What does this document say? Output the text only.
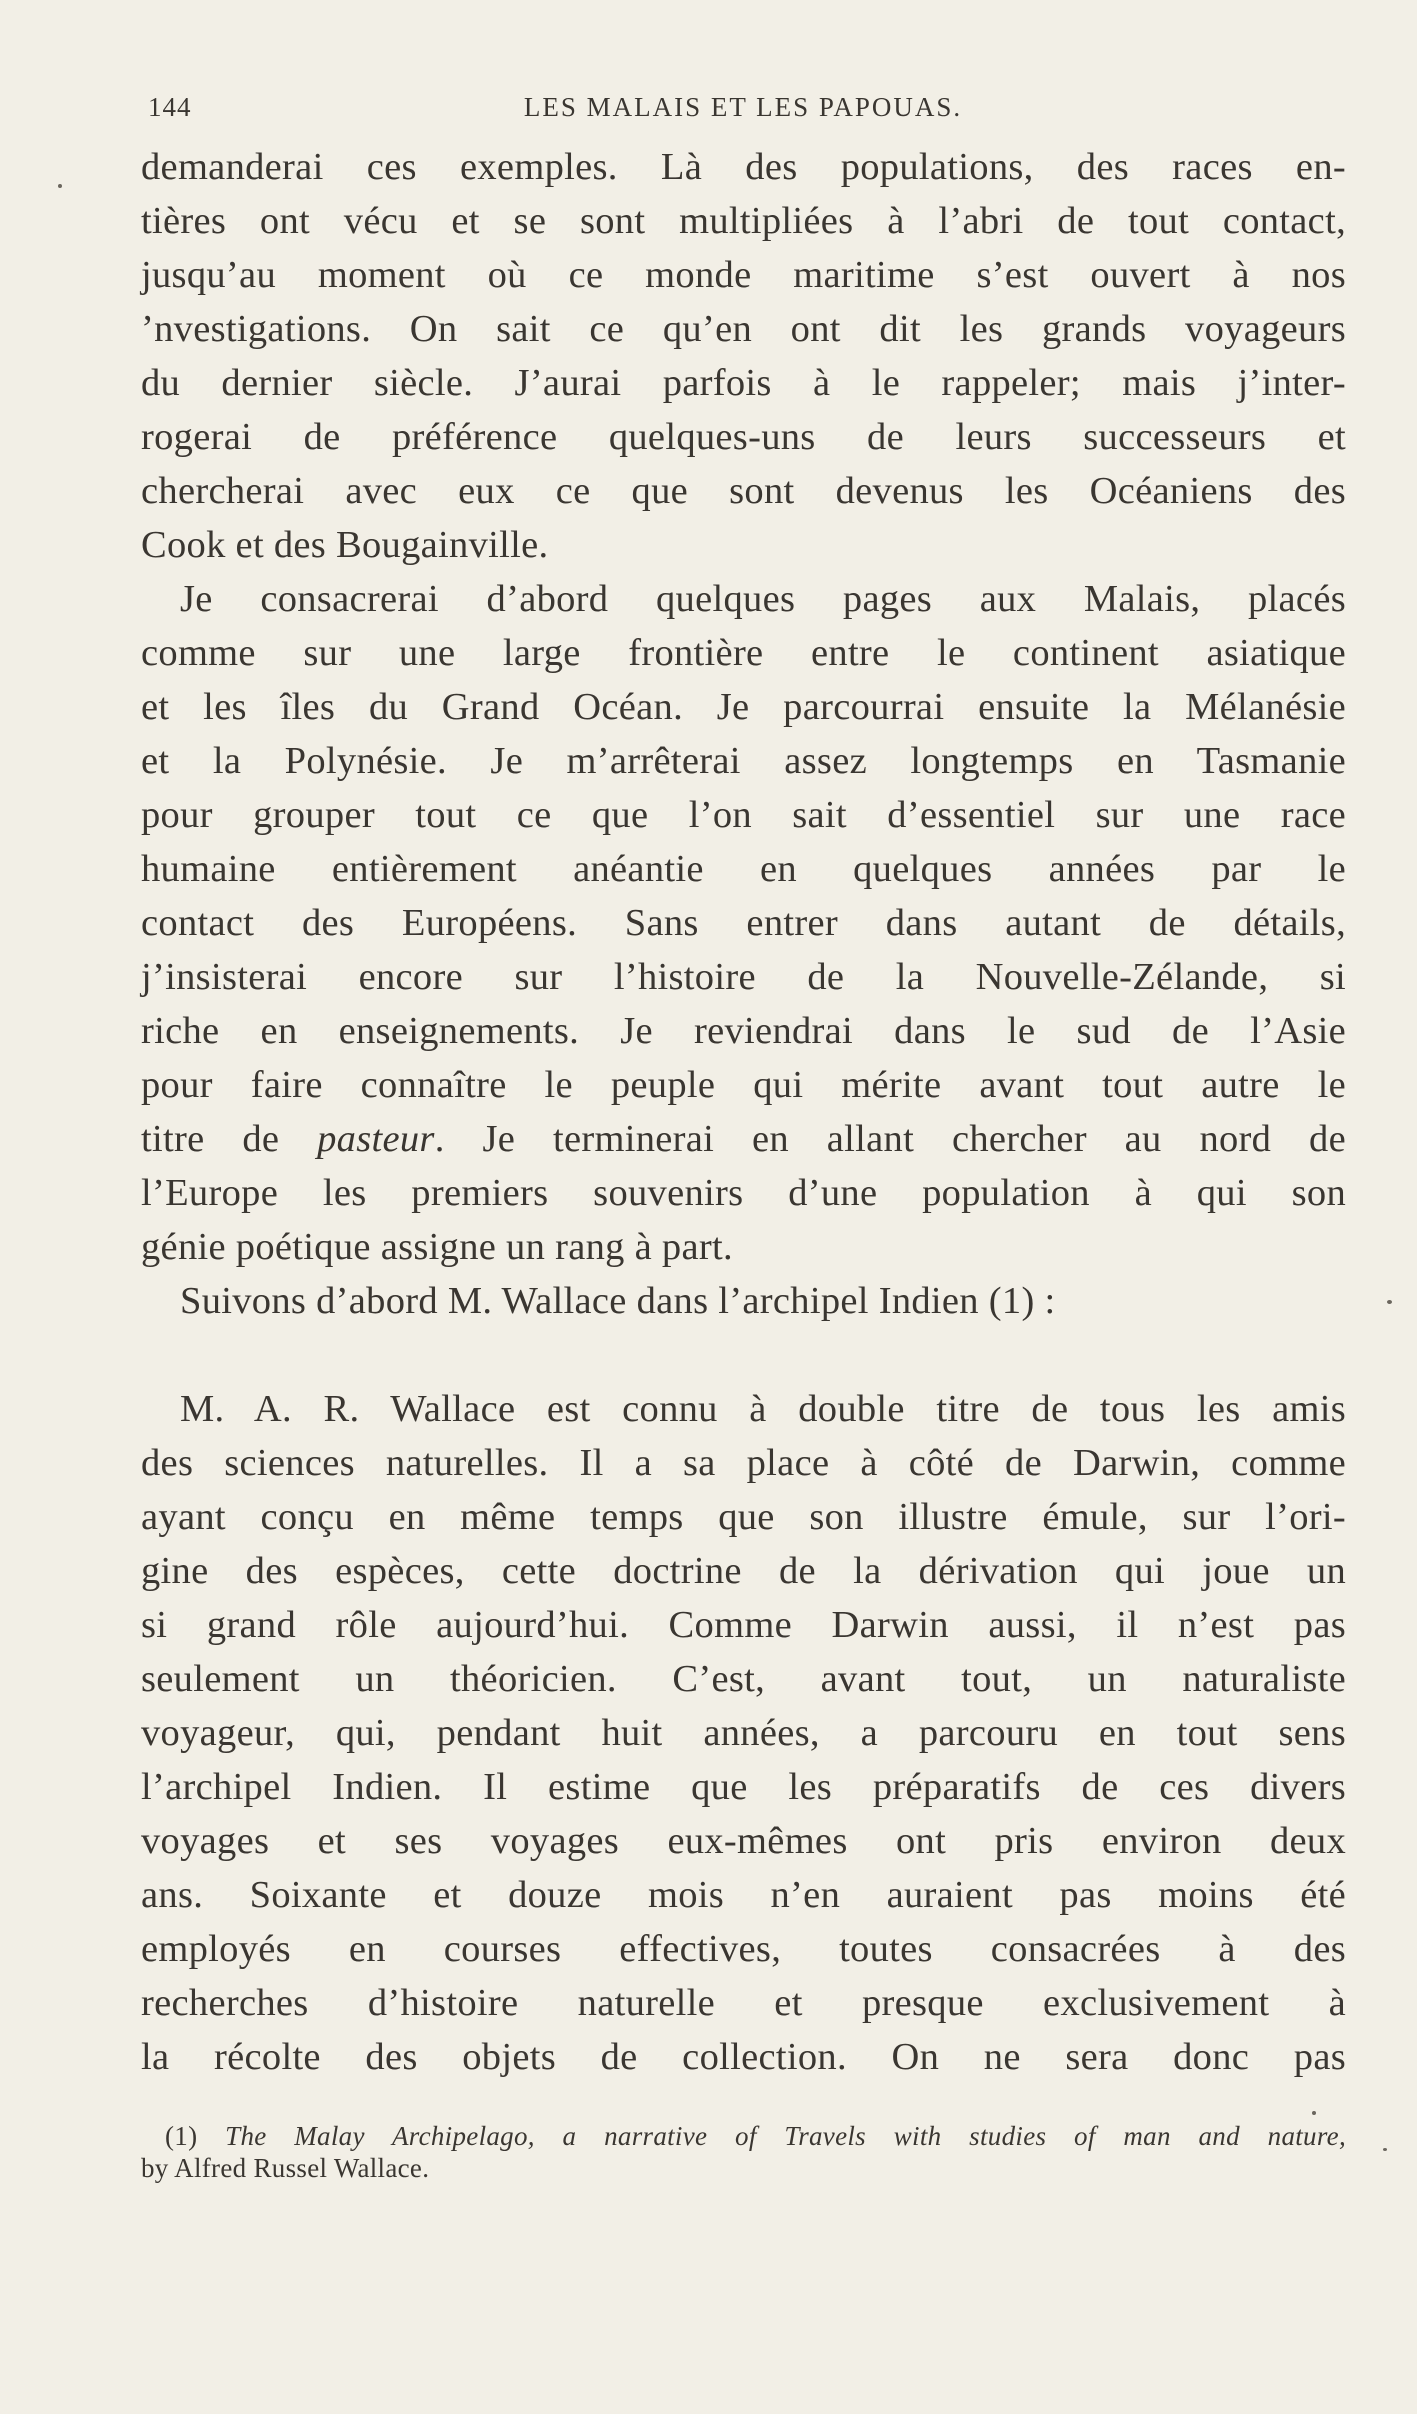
144	LES MALAIS ET LES PAPOUAS.
demanderai ces exemples. Là des populations, des races en-
tières ont vécu et se sont multipliées à l’abri de tout contact,
jusqu’au moment où ce monde maritime s’est ouvert à nos
’nvestigations. On sait ce qu’en ont dit les grands voyageurs
du dernier siècle. J’aurai parfois à le rappeler; mais j’inter-
rogerai de préférence quelques-uns de leurs successeurs et
chercherai avec eux ce que sont devenus les Océaniens des
Cook et des Bougainville.
Je consacrerai d’abord quelques pages aux Malais, placés
comme sur une large frontière entre le continent asiatique
et les îles du Grand Océan. Je parcourrai ensuite la Mélanésie
et la Polynésie. Je m’arrêterai assez longtemps en Tasmanie
pour grouper tout ce que l’on sait d’essentiel sur une race
humaine entièrement anéantie en quelques années par le
contact des Européens. Sans entrer dans autant de détails,
j’insisterai encore sur l’histoire de la Nouvelle-Zélande, si
riche en enseignements. Je reviendrai dans le sud de l’Asie
pour faire connaître le peuple qui mérite avant tout autre le
titre de pasteur. Je terminerai en allant chercher au nord de
l’Europe les premiers souvenirs d’une population à qui son
génie poétique assigne un rang à part.
Suivons d’abord M. Wallace dans l’archipel Indien (1) :
M. A. R. Wallace est connu à double titre de tous les amis
des sciences naturelles. Il a sa place à côté de Darwin, comme
ayant conçu en même temps que son illustre émule, sur l’ori-
gine des espèces, cette doctrine de la dérivation qui joue un
si grand rôle aujourd’hui. Comme Darwin aussi, il n’est pas
seulement un théoricien. C’est, avant tout, un naturaliste
voyageur, qui, pendant huit années, a parcouru en tout sens
l’archipel Indien. Il estime que les préparatifs de ces divers
voyages et ses voyages eux-mêmes ont pris environ deux
ans. Soixante et douze mois n’en auraient pas moins été
employés en courses effectives, toutes consacrées à des
recherches d’histoire naturelle et presque exclusivement à
la récolte des objets de collection. On ne sera donc pas
(1) The Malay Archipelago, a narrative of Travels with studies of man and nature,
by Alfred Russel Wallace.
